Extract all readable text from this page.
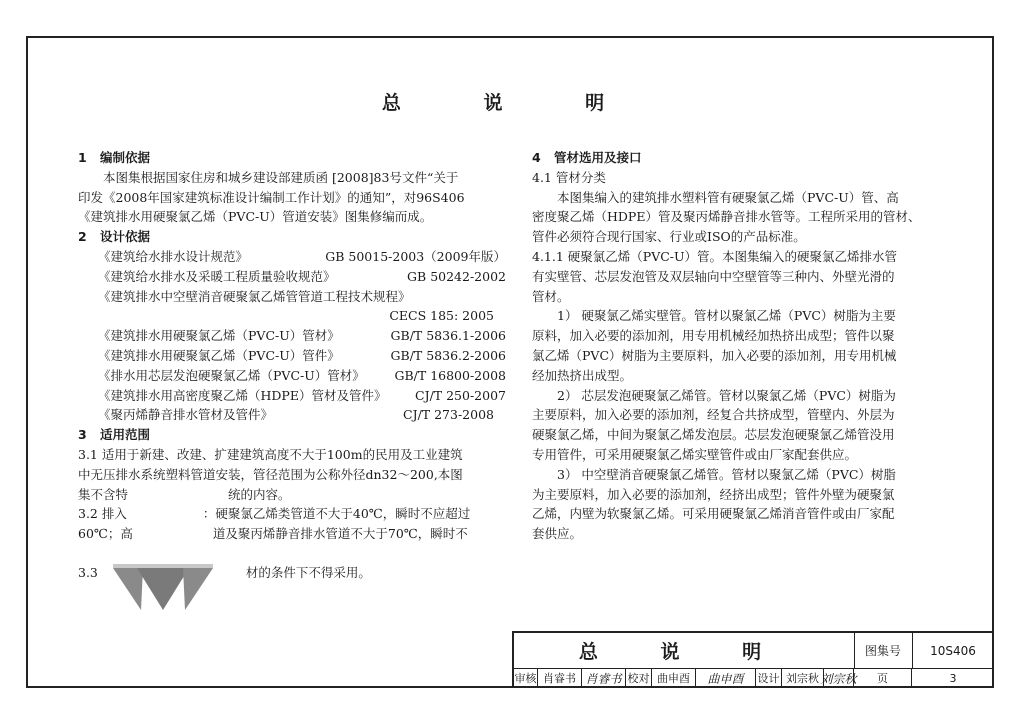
总 说 明
1 编制依据
本图集根据国家住房和城乡建设部建质函 [2008]83号文件“关于
印发《2008年国家建筑标准设计编制工作计划》的通知”，对96S406
《建筑排水用硬聚氯乙烯（PVC-U）管道安装》图集修编而成。
2 设计依据
《建筑给水排水设计规范》	GB 50015-2003（2009年版）
《建筑给水排水及采暖工程质量验收规范》	GB 50242-2002
《建筑排水中空壁消音硬聚氯乙烯管管道工程技术规程》
CECS 185: 2005
《建筑排水用硬聚氯乙烯（PVC-U）管材》	GB/T 5836.1-2006
《建筑排水用硬聚氯乙烯（PVC-U）管件》	GB/T 5836.2-2006
《排水用芯层发泡硬聚氯乙烯（PVC-U）管材》 GB/T 16800-2008
《建筑排水用高密度聚乙烯（HDPE）管材及管件》 CJ/T 250-2007
《聚丙烯静音排水管材及管件》	CJ/T 273-2008
3 适用范围
3.1 适用于新建、改建、扩建建筑高度不大于100m的民用及工业建筑
中无压排水系统塑料管道安装，管径范围为公称外径dn32～200,本图
集不含特	统的内容。
3.2 排入	：硬聚氯乙烯类管道不大于40℃，瞬时不应超过
60℃；高	道及聚丙烯静音排水管道不大于70℃，瞬时不
3.3	材的条件下不得采用。
4 管材选用及接口
4.1 管材分类
本图集编入的建筑排水塑料管有硬聚氯乙烯（PVC-U）管、高
密度聚乙烯（HDPE）管及聚丙烯静音排水管等。工程所采用的管材、
管件必须符合现行国家、行业或ISO的产品标准。
4.1.1 硬聚氯乙烯（PVC-U）管。本图集编入的硬聚氯乙烯排水管
有实壁管、芯层发泡管及双层轴向中空壁管等三种内、外壁光滑的
管材。
1） 硬聚氯乙烯实壁管。管材以聚氯乙烯（PVC）树脂为主要
原料，加入必要的添加剂，用专用机械经加热挤出成型；管件以聚
氯乙烯（PVC）树脂为主要原料，加入必要的添加剂，用专用机械
经加热挤出成型。
2） 芯层发泡硬聚氯乙烯管。管材以聚氯乙烯（PVC）树脂为
主要原料，加入必要的添加剂，经复合共挤成型，管壁内、外层为
硬聚氯乙烯，中间为聚氯乙烯发泡层。芯层发泡硬聚氯乙烯管没用
专用管件，可采用硬聚氯乙烯实壁管件或由厂家配套供应。
3） 中空壁消音硬聚氯乙烯管。管材以聚氯乙烯（PVC）树脂
为主要原料，加入必要的添加剂，经挤出成型；管件外壁为硬聚氯
乙烯，内壁为软聚氯乙烯。可采用硬聚氯乙烯消音管件或由厂家配
套供应。
总 说 明	图集号	10S406
审核 肖睿书 肖睿书 校对 曲申酉	曲申酉	设计 刘宗秋 刘宗秋	页	3
